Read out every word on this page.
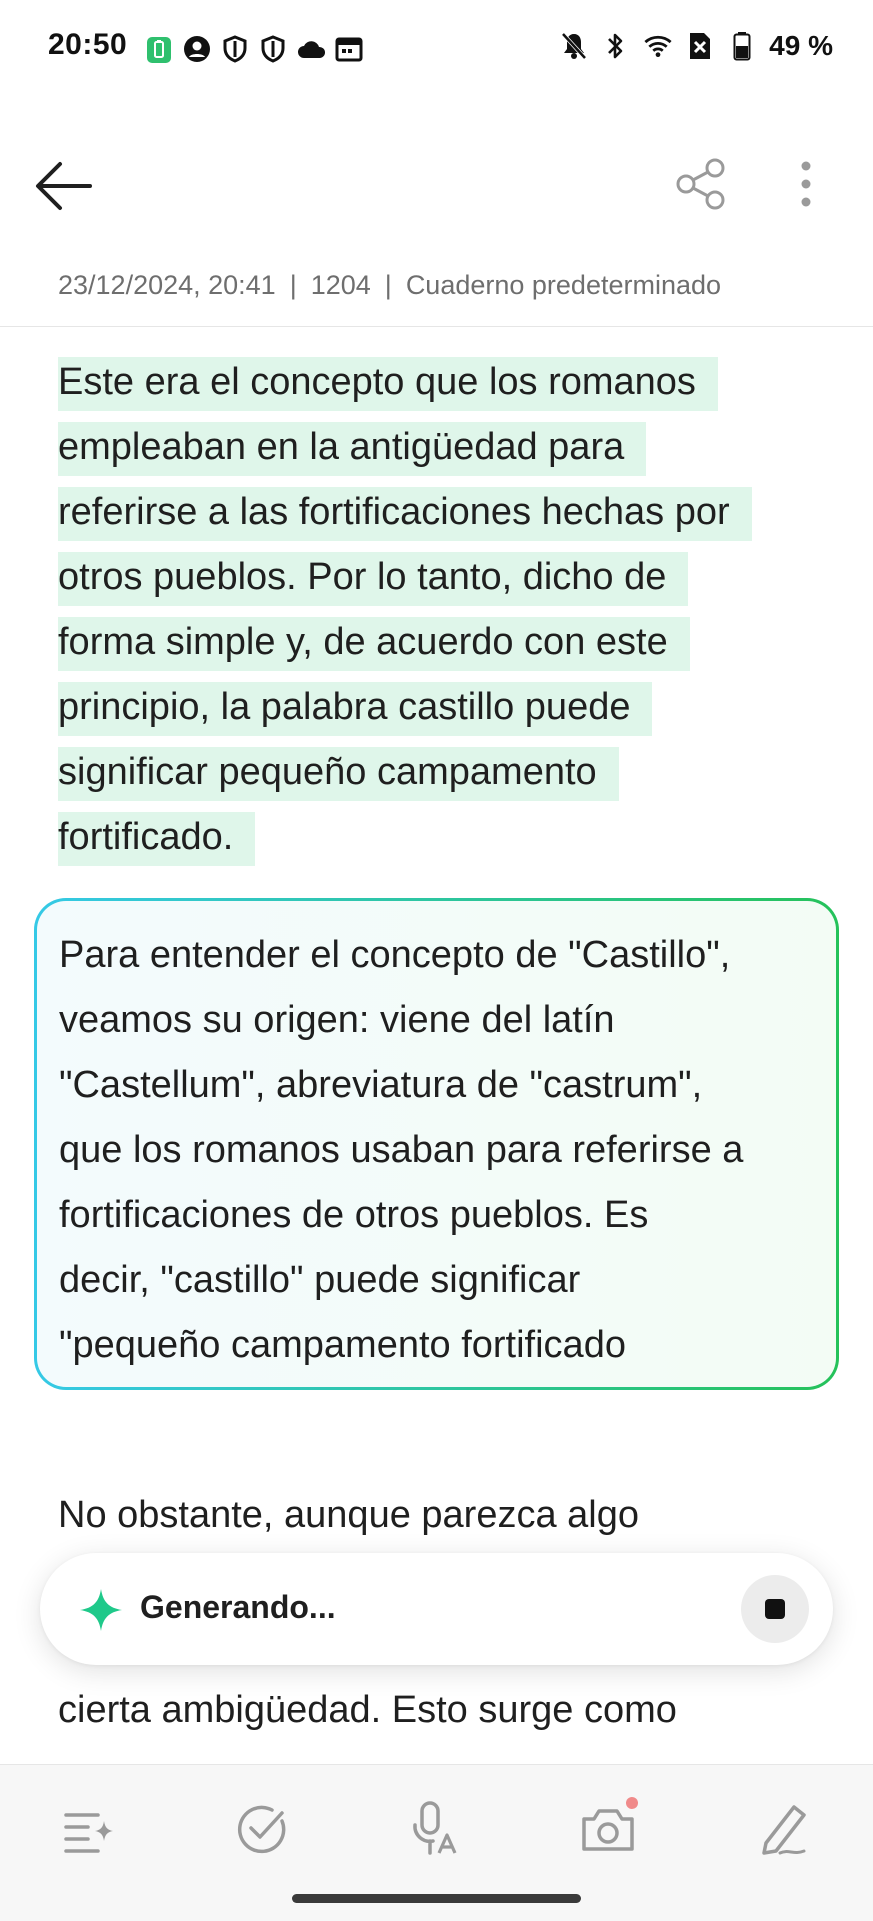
20:50	49 %
23/12/2024, 20:41 | 1204 | Cuaderno predeterminado
Este era el concepto que los romanos
empleaban en la antigüedad para
referirse a las fortificaciones hechas por
otros pueblos. Por lo tanto, dicho de
forma simple y, de acuerdo con este
principio, la palabra castillo puede
significar pequeño campamento
fortificado.
Para entender el concepto de "Castillo",
veamos su origen: viene del latín
"Castellum", abreviatura de "castrum",
que los romanos usaban para referirse a
fortificaciones de otros pueblos. Es
decir, "castillo" puede significar
"pequeño campamento fortificado
No obstante, aunque parezca algo
cierta ambigüedad. Esto surge como
Generando...
